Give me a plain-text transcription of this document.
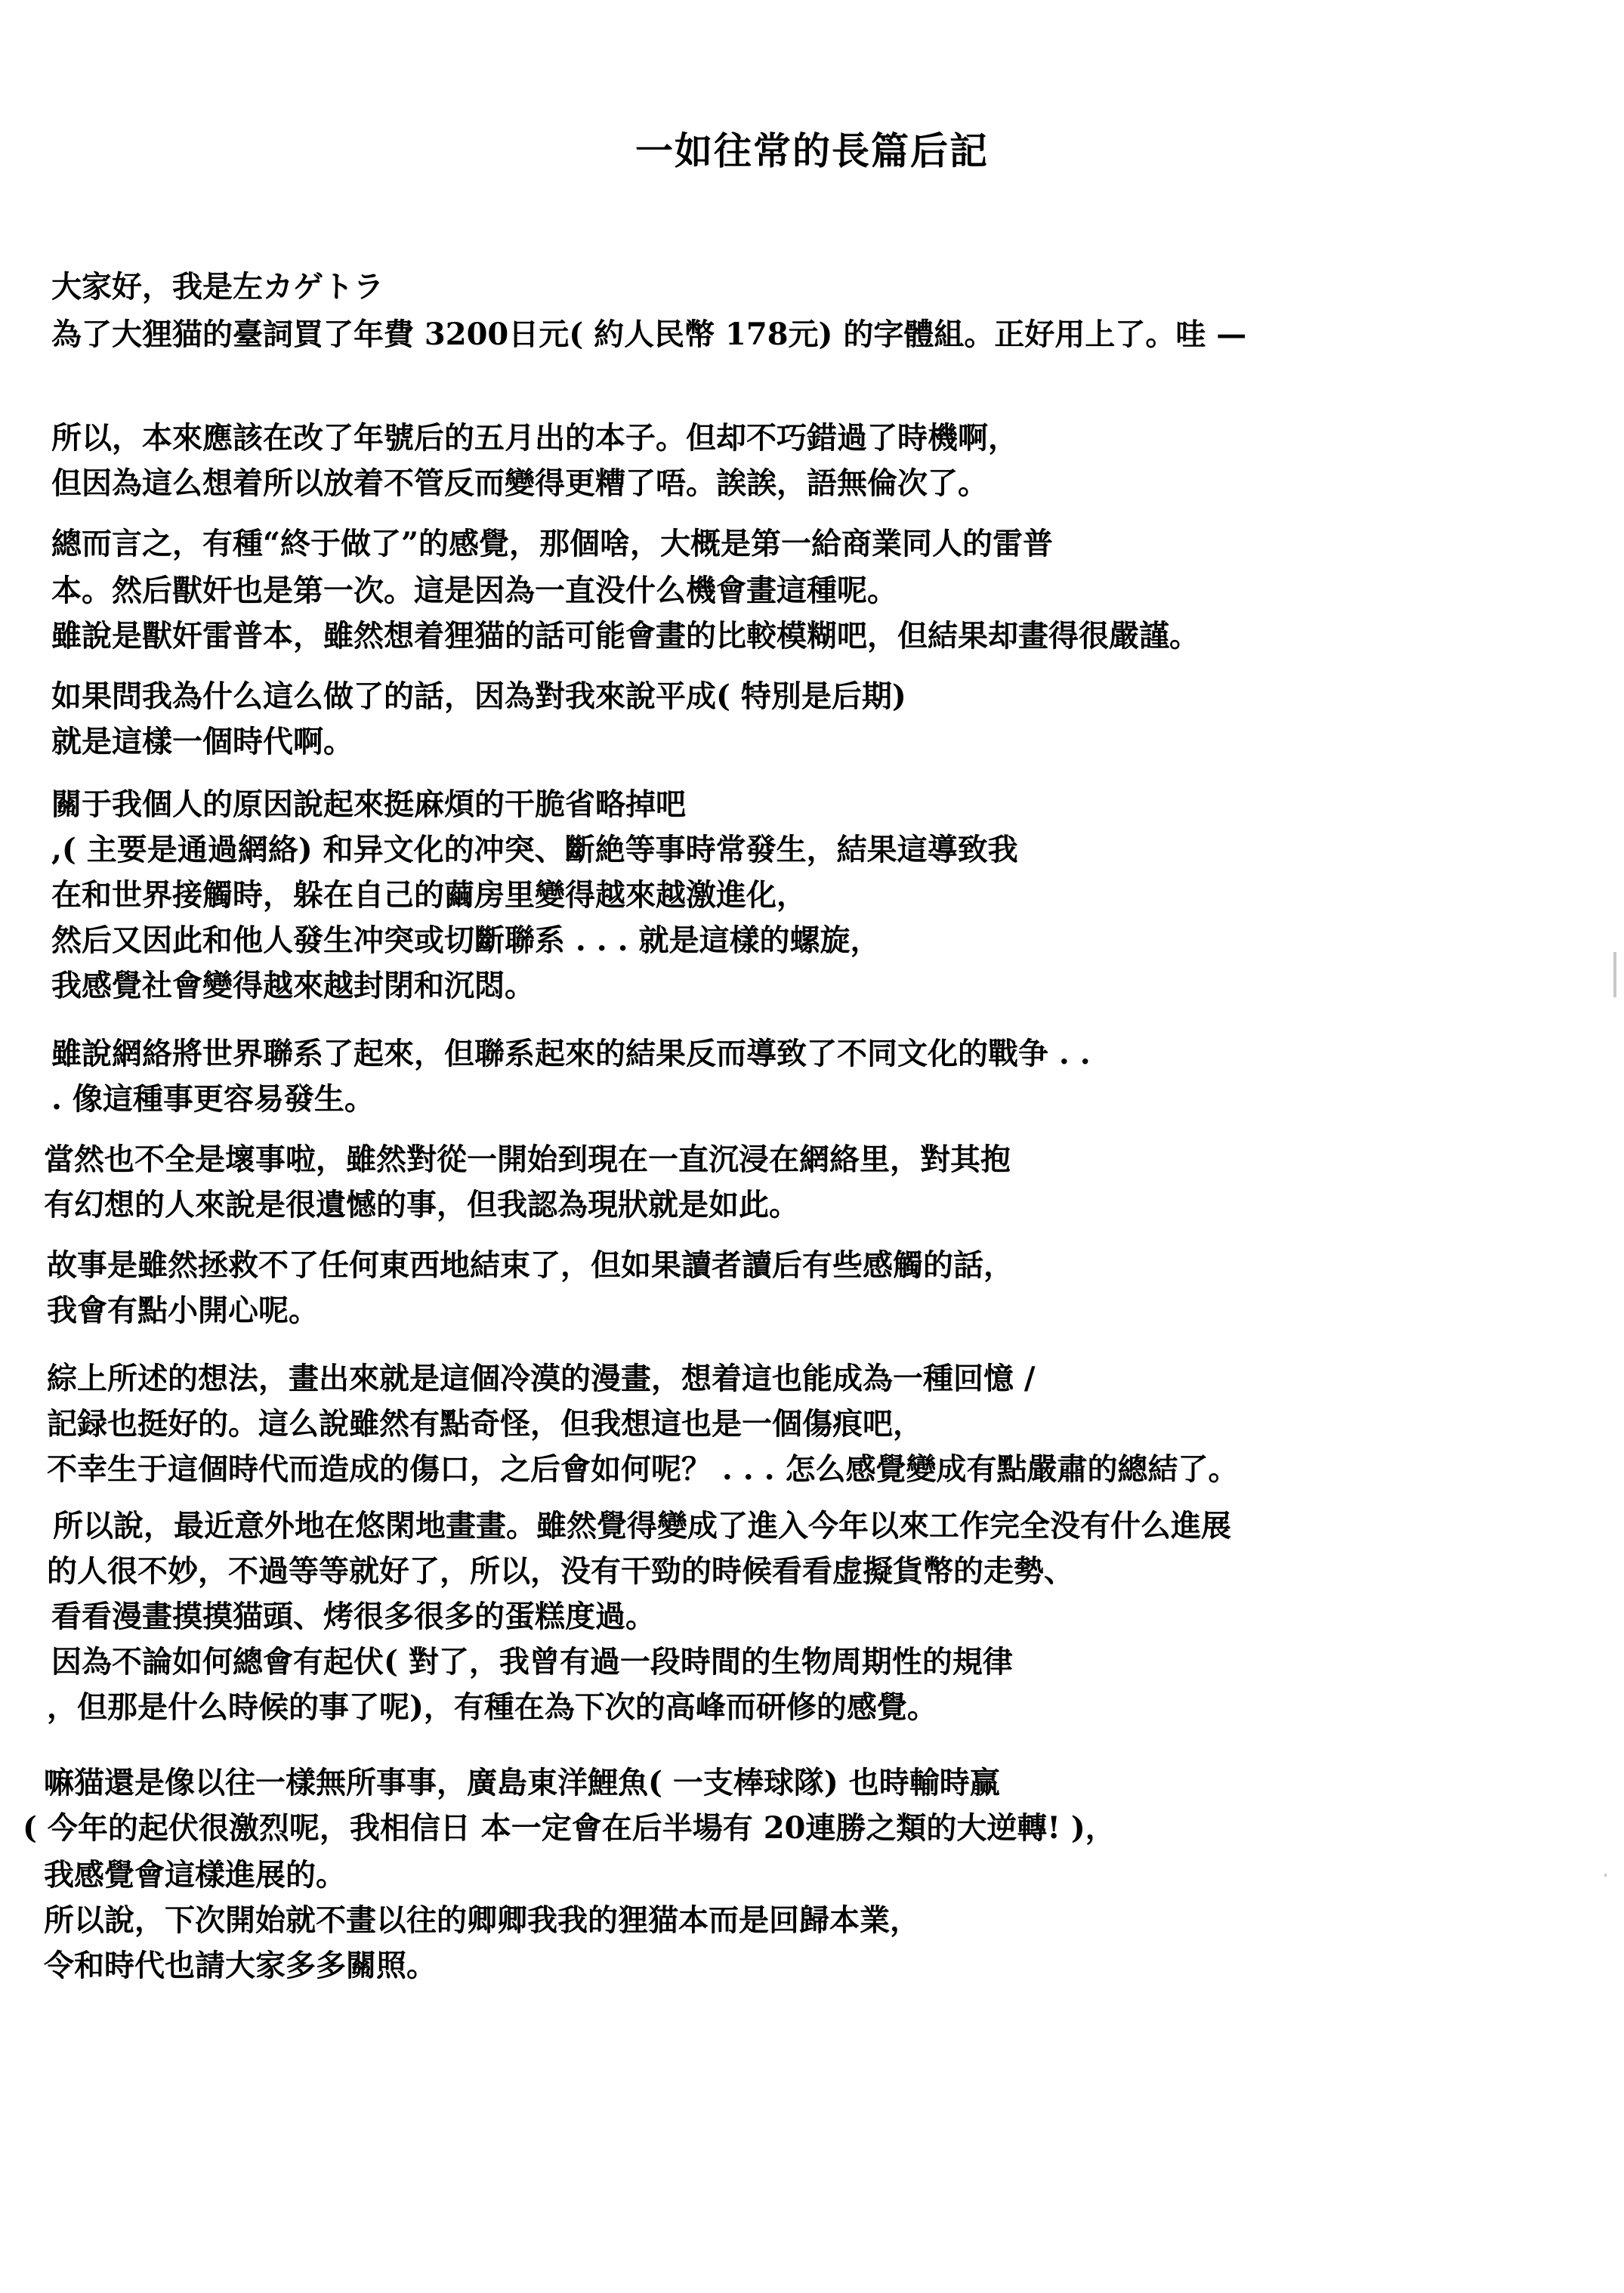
一如往常的長篇后記
大家好，我是左カゲトラ
為了大狸猫的臺詞買了年費 3200日元( 約人民幣 178元) 的字體組。正好用上了。哇 —
所以，本來應該在改了年號后的五月出的本子。但却不巧錯過了時機啊，
但因為這么想着所以放着不管反而變得更糟了唔。誒誒，語無倫次了。
總而言之，有種“終于做了”的感覺，那個啥，大概是第一給商業同人的雷普
本。然后獸奸也是第一次。這是因為一直没什么機會畫這種呢。
雖說是獸奸雷普本，雖然想着狸猫的話可能會畫的比較模糊吧，但結果却畫得很嚴謹。
如果問我為什么這么做了的話，因為對我來說平成( 特別是后期)
就是這樣一個時代啊。
關于我個人的原因說起來挺麻煩的干脆省略掉吧
,( 主要是通過網絡) 和异文化的冲突、斷絶等事時常發生，結果這導致我
在和世界接觸時，躲在自己的繭房里變得越來越激進化，
然后又因此和他人發生冲突或切斷聯系 . . . 就是這樣的螺旋，
我感覺社會變得越來越封閉和沉悶。
雖說網絡將世界聯系了起來，但聯系起來的結果反而導致了不同文化的戰争 . .
. 像這種事更容易發生。
當然也不全是壞事啦，雖然對從一開始到現在一直沉浸在網絡里，對其抱
有幻想的人來說是很遺憾的事，但我認為現狀就是如此。
故事是雖然拯救不了任何東西地結束了，但如果讀者讀后有些感觸的話，
我會有點小開心呢。
綜上所述的想法，畫出來就是這個冷漠的漫畫，想着這也能成為一種回憶 /
記録也挺好的。這么說雖然有點奇怪，但我想這也是一個傷痕吧，
不幸生于這個時代而造成的傷口，之后會如何呢？ . . . 怎么感覺變成有點嚴肅的總結了。
所以說，最近意外地在悠閑地畫畫。雖然覺得變成了進入今年以來工作完全没有什么進展
的人很不妙，不過等等就好了，所以，没有干勁的時候看看虚擬貨幣的走勢、
看看漫畫摸摸猫頭、烤很多很多的蛋糕度過。
因為不論如何總會有起伏( 對了，我曾有過一段時間的生物周期性的規律
，但那是什么時候的事了呢)，有種在為下次的高峰而研修的感覺。
嘛猫還是像以往一樣無所事事，廣島東洋鯉魚( 一支棒球隊) 也時輸時赢
( 今年的起伏很激烈呢，我相信日 本一定會在后半場有 20連勝之類的大逆轉! )，
我感覺會這樣進展的。
所以說，下次開始就不畫以往的卿卿我我的狸猫本而是回歸本業，
令和時代也請大家多多關照。
